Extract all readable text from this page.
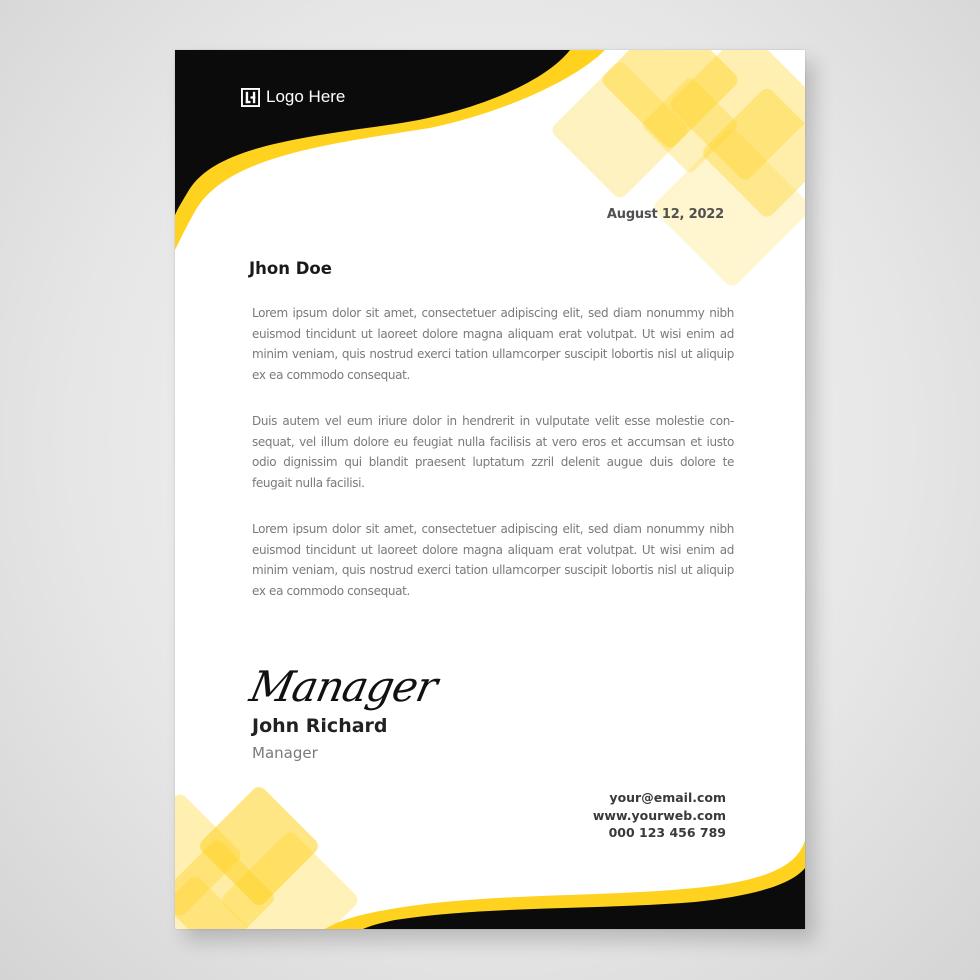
Logo Here
August 12, 2022
Jhon Doe

Lorem ipsum dolor sit amet, consectetuer adipiscing elit, sed diam nonummy nibh euismod tincidunt ut laoreet dolore magna aliquam erat volutpat. Ut wisi enim ad minim veniam, quis nostrud exerci tation ullamcorper suscipit lobortis nisl ut aliquip ex ea commodo consequat.

Duis autem vel eum iriure dolor in hendrerit in vulputate velit esse molestie con-sequat, vel illum dolore eu feugiat nulla facilisis at vero eros et accumsan et iusto odio dignissim qui blandit praesent luptatum zzril delenit augue duis dolore te feugait nulla facilisi.

Lorem ipsum dolor sit amet, consectetuer adipiscing elit, sed diam nonummy nibh euismod tincidunt ut laoreet dolore magna aliquam erat volutpat. Ut wisi enim ad minim veniam, quis nostrud exerci tation ullamcorper suscipit lobortis nisl ut aliquip ex ea commodo consequat.

Manager
John Richard
Manager
your@email.com
www.yourweb.com
000 123 456 789
